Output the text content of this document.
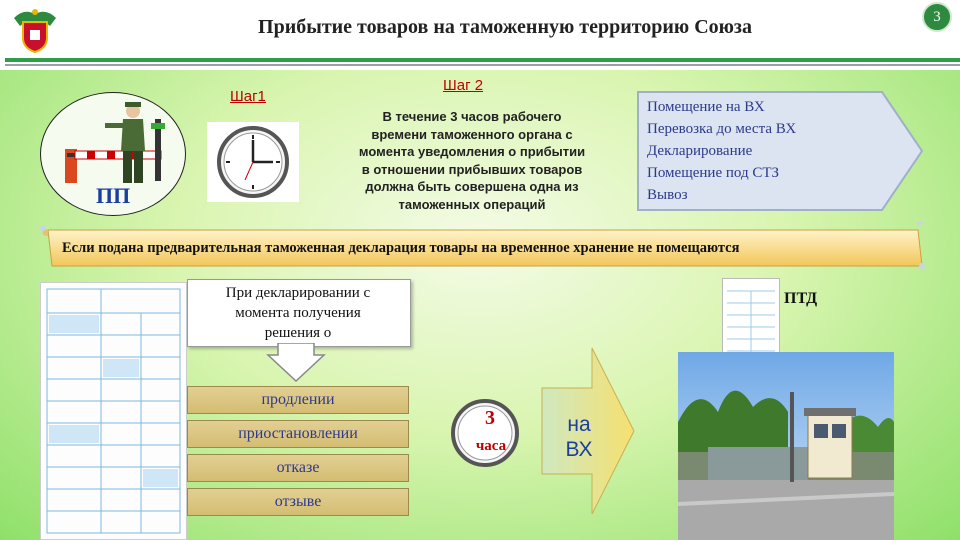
Прибытие товаров на таможенную территорию Союза	3
Шаг1
ПП
Шаг 2
В течение 3 часов рабочего
времени таможенного органа с
момента уведомления о прибытии
в отношении прибывших товаров
должна быть совершена одна из
таможенных операций
Помещение на ВХ
Перевозка до места ВХ
Декларирование
Помещение под СТЗ
Вывоз
Если подана предварительная таможенная декларация товары на временное хранение не помещаются
При декларировании с
момента получения
решения о
продлении
приостановлении
отказе
отзыве
3
часа
на
ВХ
ПТД
